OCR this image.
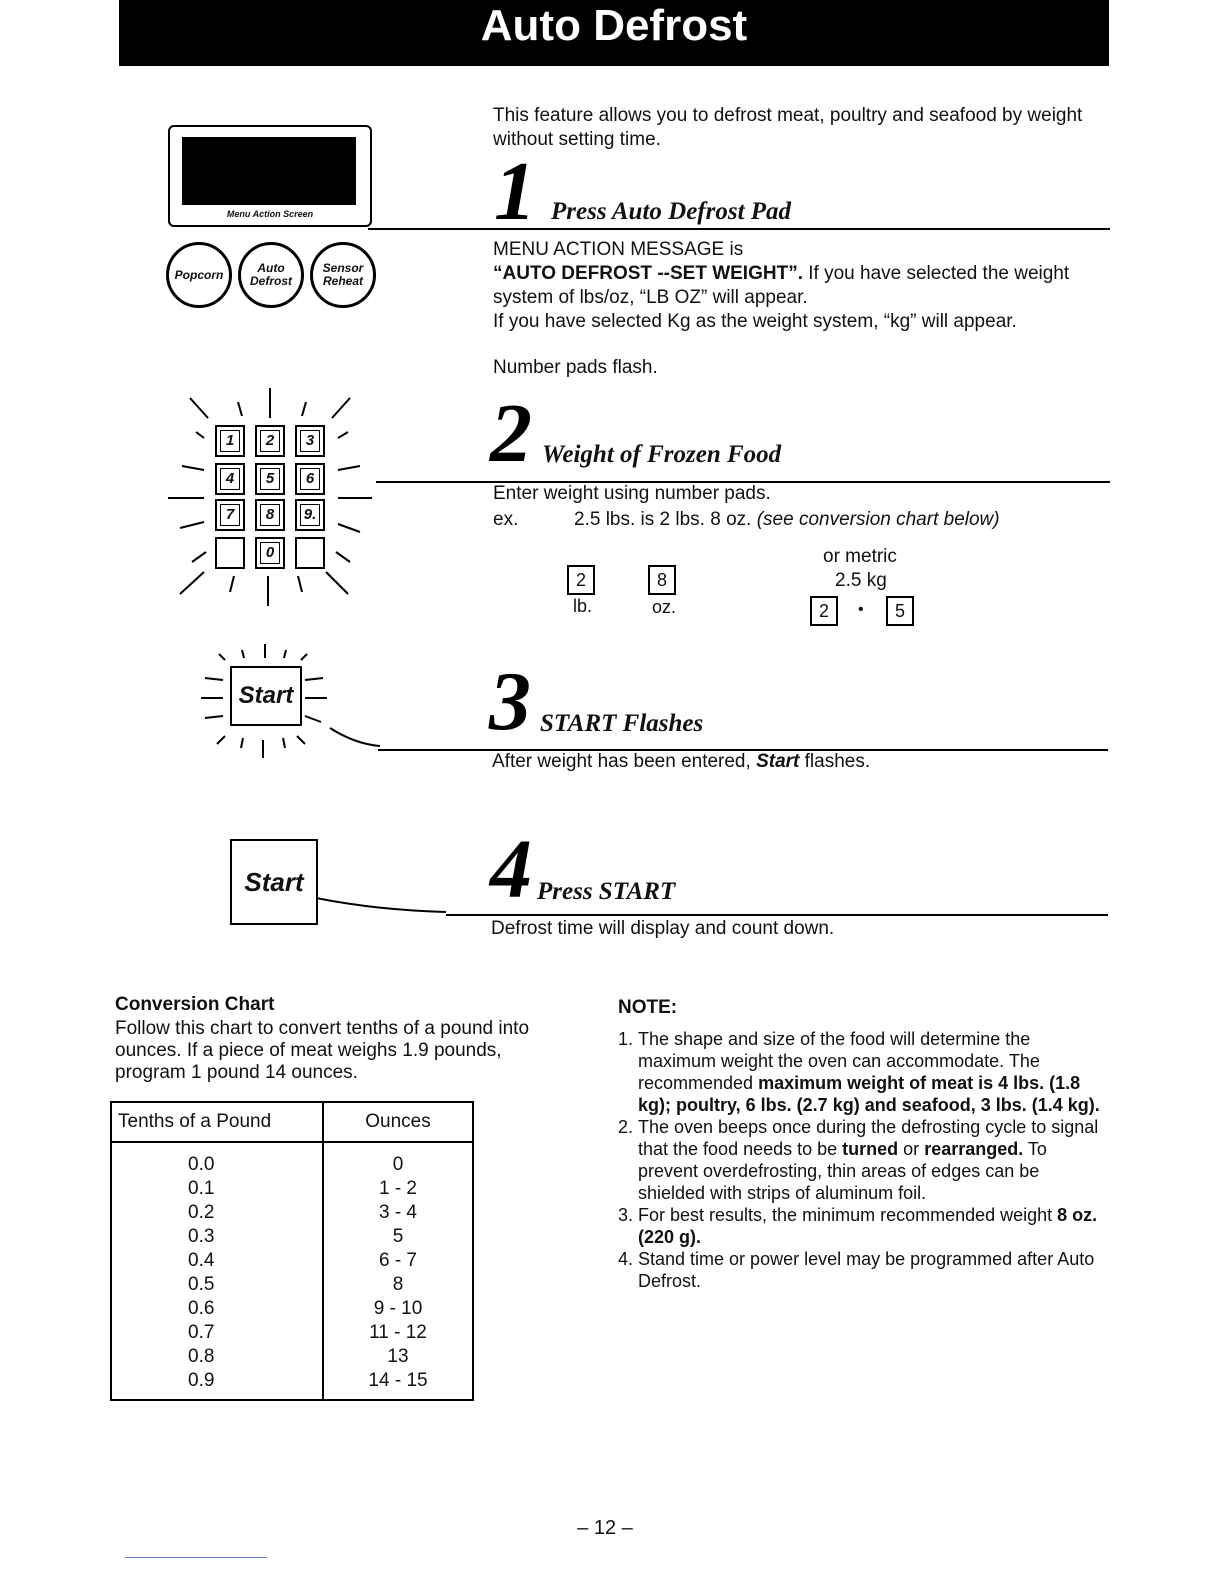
Auto Defrost
This feature allows you to defrost meat, poultry and seafood by weight without setting time.
Menu Action Screen
Popcorn	Auto
Defrost
Sensor
Reheat
1	2	3
4	5	6
7	8	9.
0
Start
Start
1 Press Auto Defrost Pad
MENU ACTION MESSAGE is
“AUTO DEFROST --SET WEIGHT”. If you have selected the weight system of lbs/oz, “LB OZ” will appear.
If you have selected Kg as the weight system, “kg” will appear.
Number pads flash.
2 Weight of Frozen Food
Enter weight using number pads.
ex.	2.5 lbs. is 2 lbs. 8 oz. (see conversion chart below)
2	8
lb.	oz.
or metric
2.5 kg
2	•	5
3 START Flashes
After weight has been entered, Start flashes.
4 Press START
Defrost time will display and count down.
Conversion Chart
Follow this chart to convert tenths of a pound into ounces. If a piece of meat weighs 1.9 pounds, program 1 pound 14 ounces.
Tenths of a Pound	Ounces
0.0	0
0.1	1 - 2
0.2	3 - 4
0.3	5
0.4	6 - 7
0.5	8
0.6	9 - 10
0.7	11 - 12
0.8	13
0.9	14 - 15
NOTE:
1. The shape and size of the food will determine the maximum weight the oven can accommodate. The recommended maximum weight of meat is 4 lbs. (1.8 kg); poultry, 6 lbs. (2.7 kg) and seafood, 3 lbs. (1.4 kg).
2. The oven beeps once during the defrosting cycle to signal that the food needs to be turned or rearranged. To prevent overdefrosting, thin areas of edges can be shielded with strips of aluminum foil.
3. For best results, the minimum recommended weight 8 oz. (220 g).
4. Stand time or power level may be programmed after Auto Defrost.
– 12 –
